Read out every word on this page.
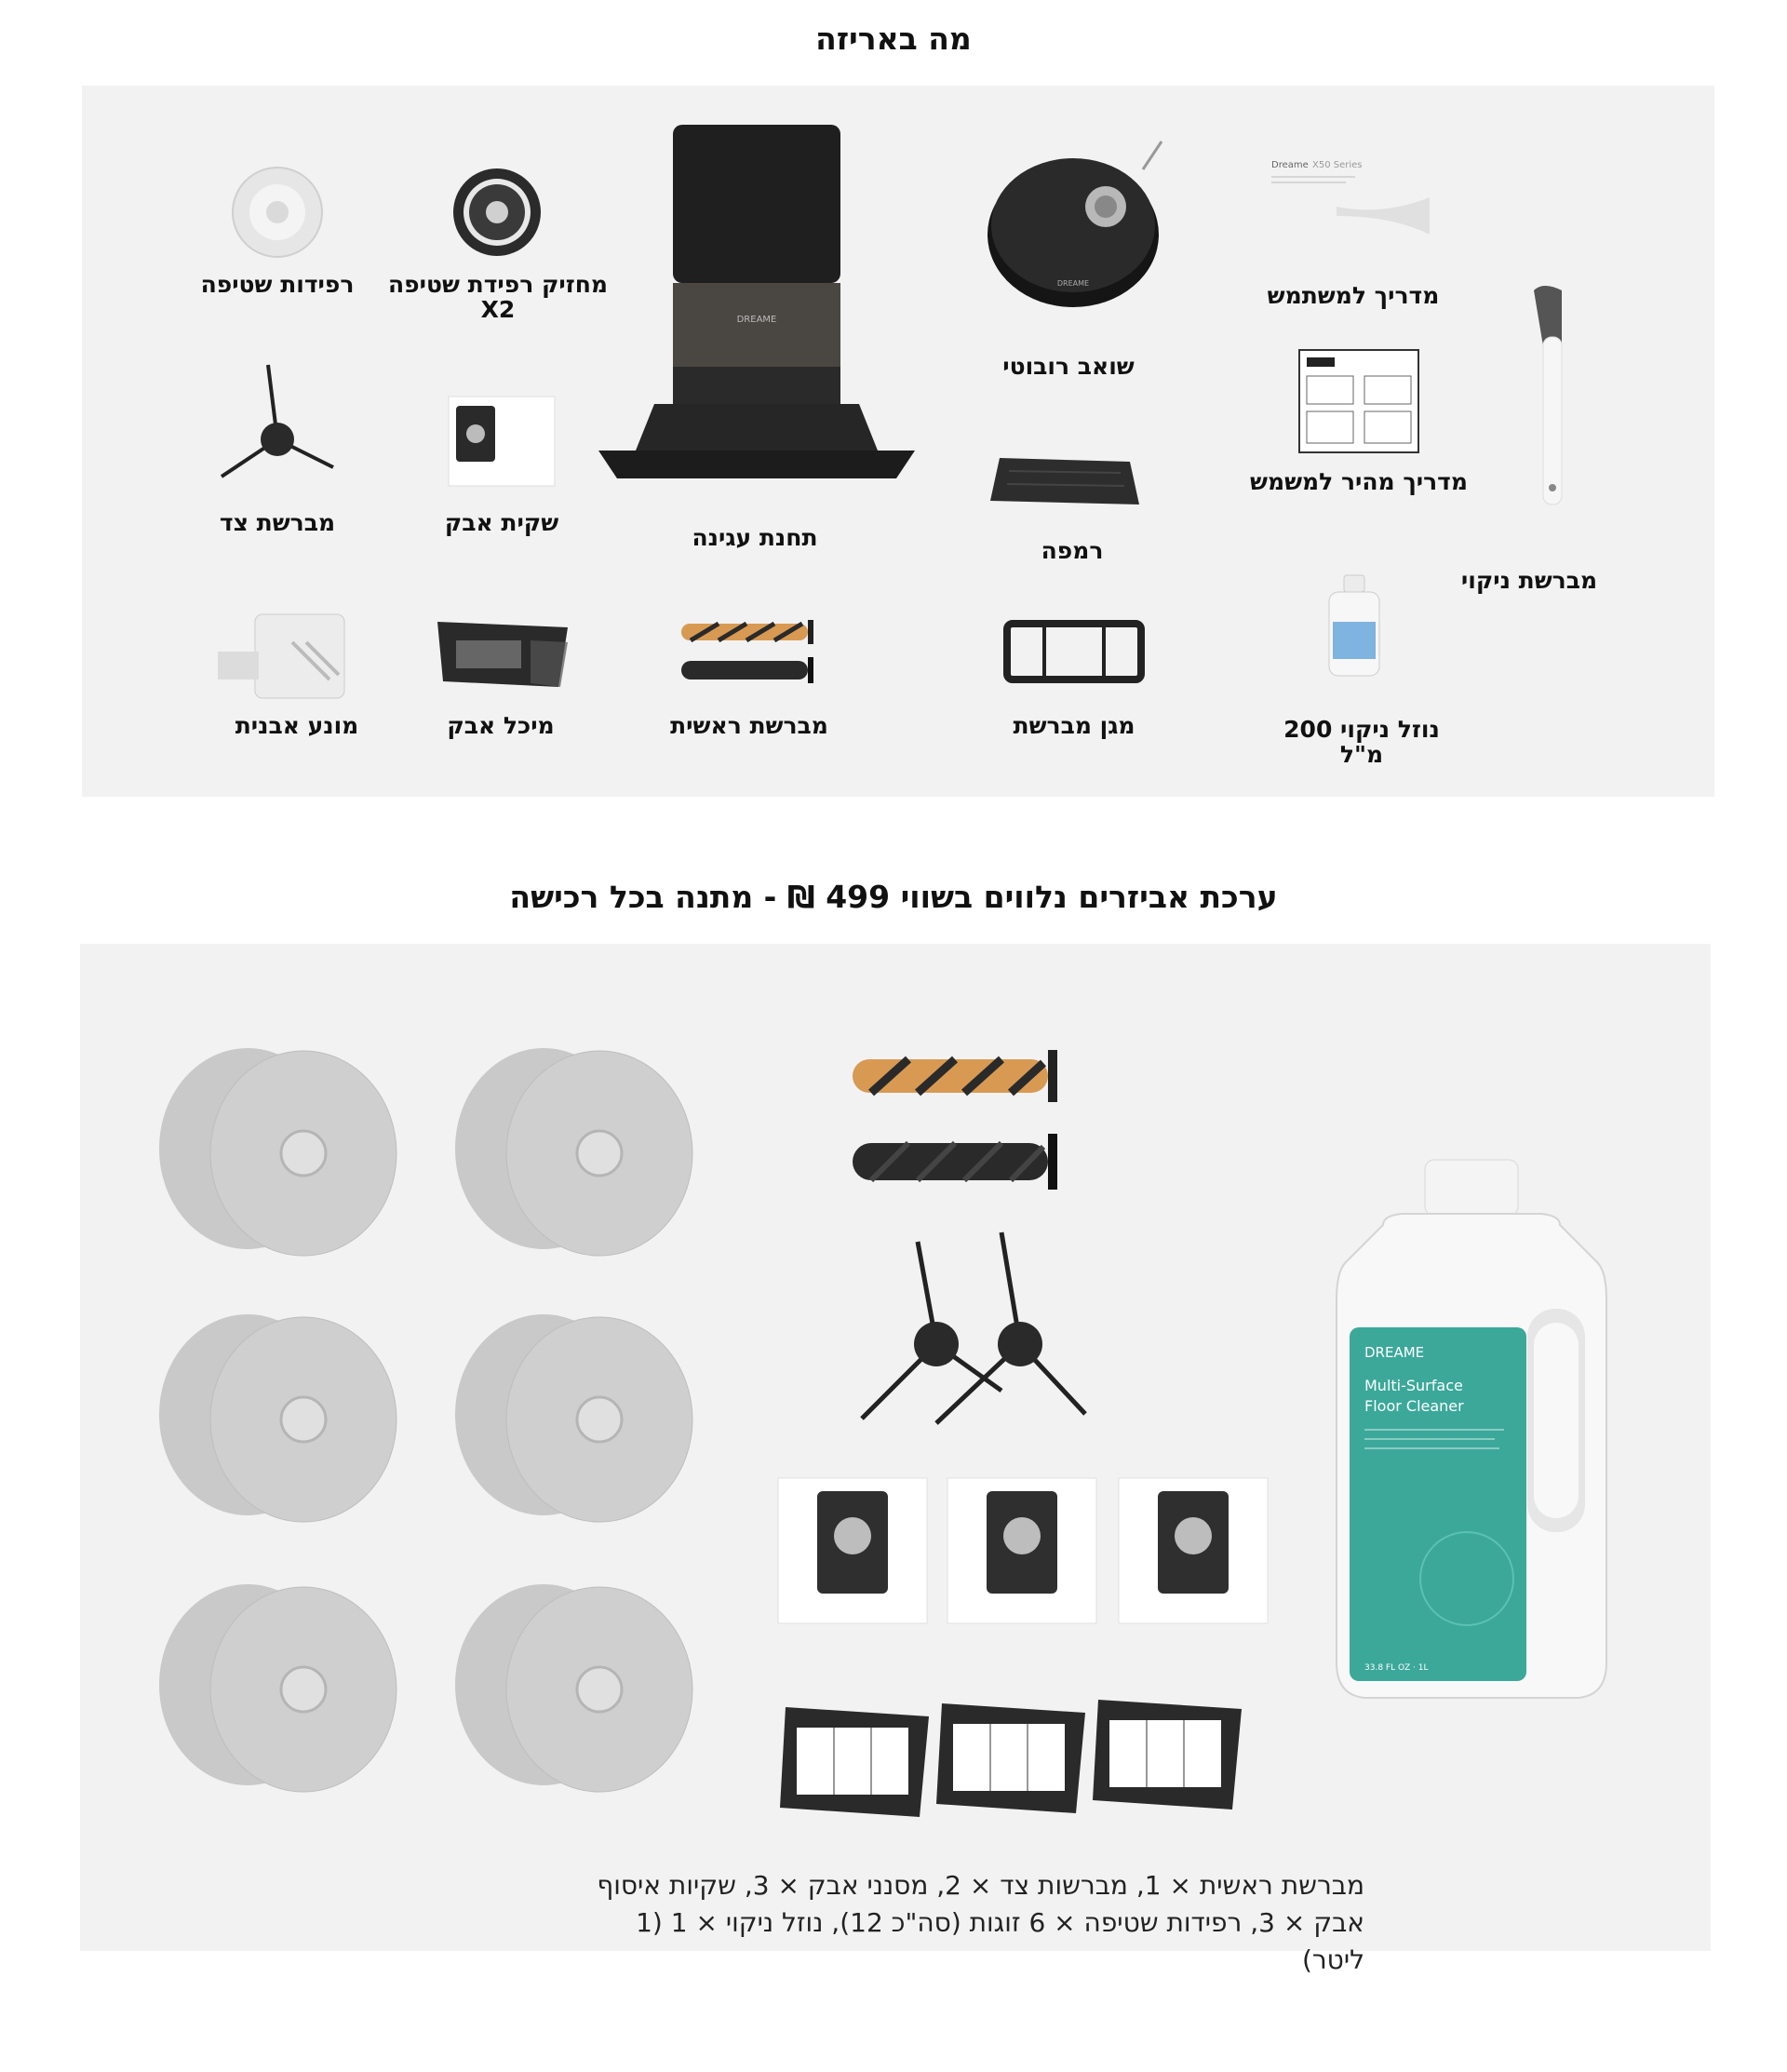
מה באריזה
רפידות שטיפה	מחזיק רפידת שטיפה X2	DREAME
תחנת עגינה
DREAME
שואב רובוטי
Dreame X50 Series
מדריך למשתמש
מדריך מהיר למשמש
מברשת ניקוי
מברשת צד	שקית אבק
רמפה
מונע אבנית	מיכל אבק	מברשת ראשית	מגן מברשת	נוזל ניקוי 200 מ"ל
ערכת אביזרים נלווים בשווי 499 ₪ - מתנה בכל רכישה
DREAME
Multi-Surface
Floor Cleaner
33.8 FL OZ · 1L
מברשת ראשית × 1, מברשות צד × 2, מסנני אבק × 3, שקיות איסוף
אבק × 3, רפידות שטיפה × 6 זוגות (סה"כ 12), נוזל ניקוי × 1 (1 ליטר)
